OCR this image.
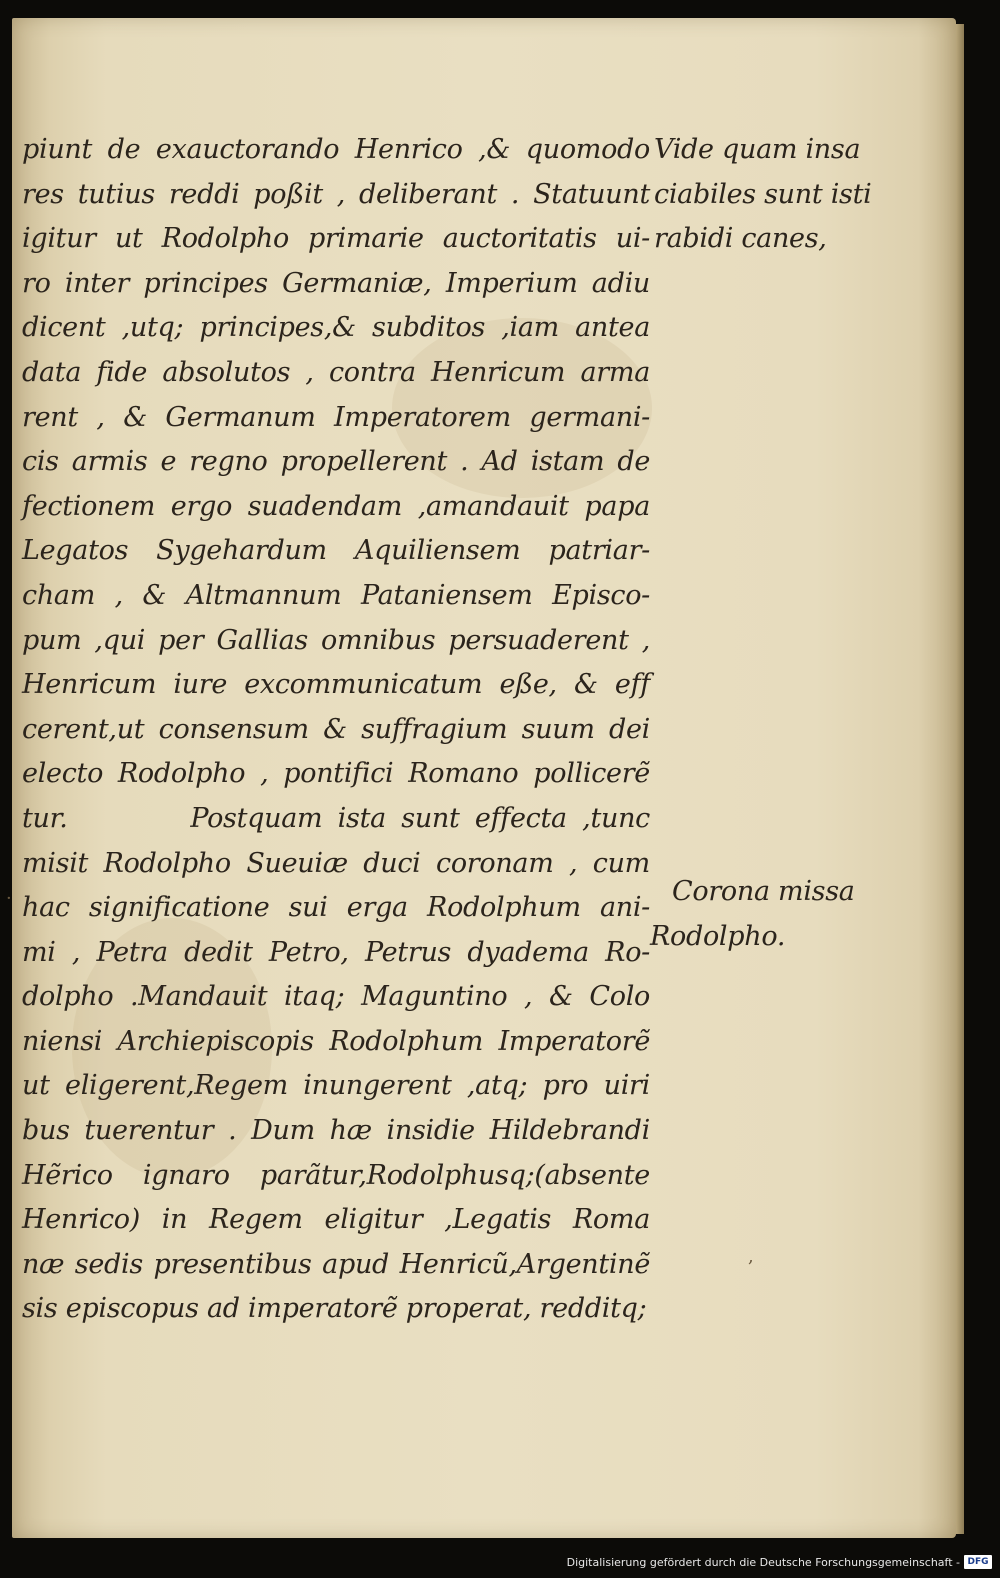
·
,
piunt de exauctorando Henrico ,& quomodo
res tutius reddi poßit , deliberant . Statuunt
igitur ut Rodolpho primarie auctoritatis ui-
ro inter principes Germaniæ, Imperium adiu
dicent ,utq; principes,& subditos ,iam antea
data fide absolutos , contra Henricum arma
rent , & Germanum Imperatorem germani-
cis armis e regno propellerent . Ad istam de
fectionem ergo suadendam ,amandauit papa
Legatos Sygehardum Aquiliensem patriar-
cham , & Altmannum Pataniensem Episco-
pum ,qui per Gallias omnibus persuaderent ,
Henricum iure excommunicatum eße, & eff
cerent,ut consensum & suffragium suum dei
electo Rodolpho , pontifici Romano pollicerẽ
tur.        Postquam ista sunt effecta ,tunc
misit Rodolpho Sueuiæ duci coronam , cum
hac significatione sui erga Rodolphum ani-
mi , Petra dedit Petro, Petrus dyadema Ro-
dolpho .Mandauit itaq; Maguntino , & Colo
niensi Archiepiscopis Rodolphum Imperatorẽ
ut eligerent,Regem inungerent ,atq; pro uiri
bus tuerentur . Dum hæ insidie Hildebrandi
Hẽrico ignaro parãtur,Rodolphusq;(absente
Henrico) in Regem eligitur ,Legatis Roma
næ sedis presentibus apud Henricũ,Argentinẽ
sis episcopus ad imperatorẽ properat, redditq;
Vide quam insa
ciabiles sunt isti
rabidi canes,
Corona missa
Rodolpho.
Digitalisierung gefördert durch die Deutsche Forschungsgemeinschaft - DFG
